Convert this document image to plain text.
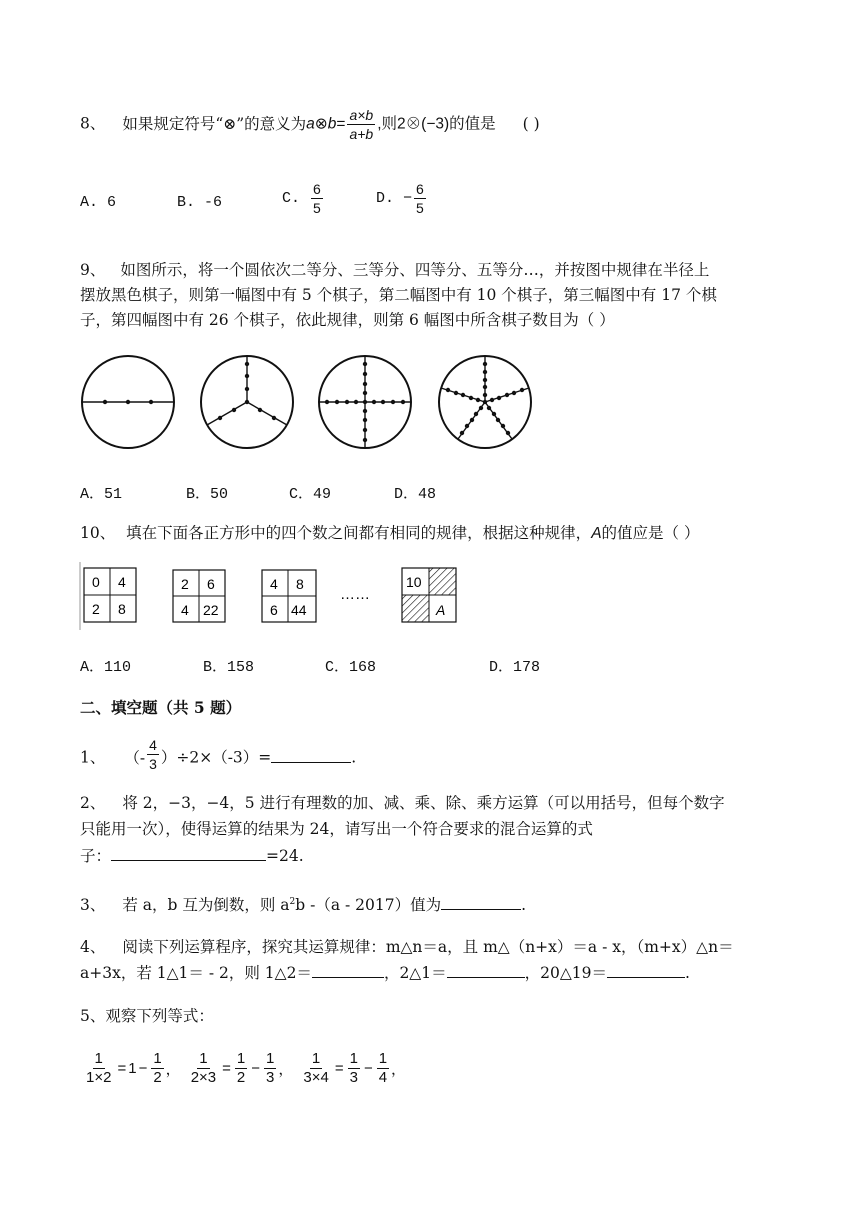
8、 如果规定符号“⊗”的意义为a⊗b= $\frac{a\times b}{a+b}$ ,则2⊗(−3)的值是 ( )
A. 6	B. -6	C. $\frac{6}{5}$	D. − $\frac{6}{5}$
9、 如图所示，将一个圆依次二等分、三等分、四等分、五等分…，并按图中规律在半径上
摆放黑色棋子，则第一幅图中有 5 个棋子，第二幅图中有 10 个棋子，第三幅图中有 17 个棋
子，第四幅图中有 26 个棋子，依此规律，则第 6 幅图中所含棋子数目为（ ）
A．51	B．50	C．49	D．48
10、 填在下面各正方形中的四个数之间都有相同的规律，根据这种规律，A的值应是（ ）
0 4
2 8
2 6
4 22
4 8
6 44
……
10
A
A．110	B．158	C．168	D．178
二、填空题（共 5 题）
1、 （- $\frac{4}{3} )\div 2\times(-3)=$	.
2、 将 2，−3，−4，5 进行有理数的加、减、乘、除、乘方运算（可以用括号，但每个数字
只能用一次），使得运算的结果为 24，请写出一个符合要求的混合运算的式
子：	=24.
3、 若 a，b 互为倒数，则 $a^2b$ -（a - 2017）值为	.
4、 阅读下列运算程序，探究其运算规律：m△n＝a，且 m△（n+x）＝a - x，（m+x）△n＝
a+3x，若 1△1＝ - 2，则 1△2＝	，2△1＝	，20△19＝	.
5、观察下列等式：
$\frac{1}{1\times 2} = 1 - \frac{1}{2}$ ， $\frac{1}{2\times 3} = \frac{1}{2} - \frac{1}{3}$ ， $\frac{1}{3\times 4} = \frac{1}{3} - \frac{1}{4}$ ，
